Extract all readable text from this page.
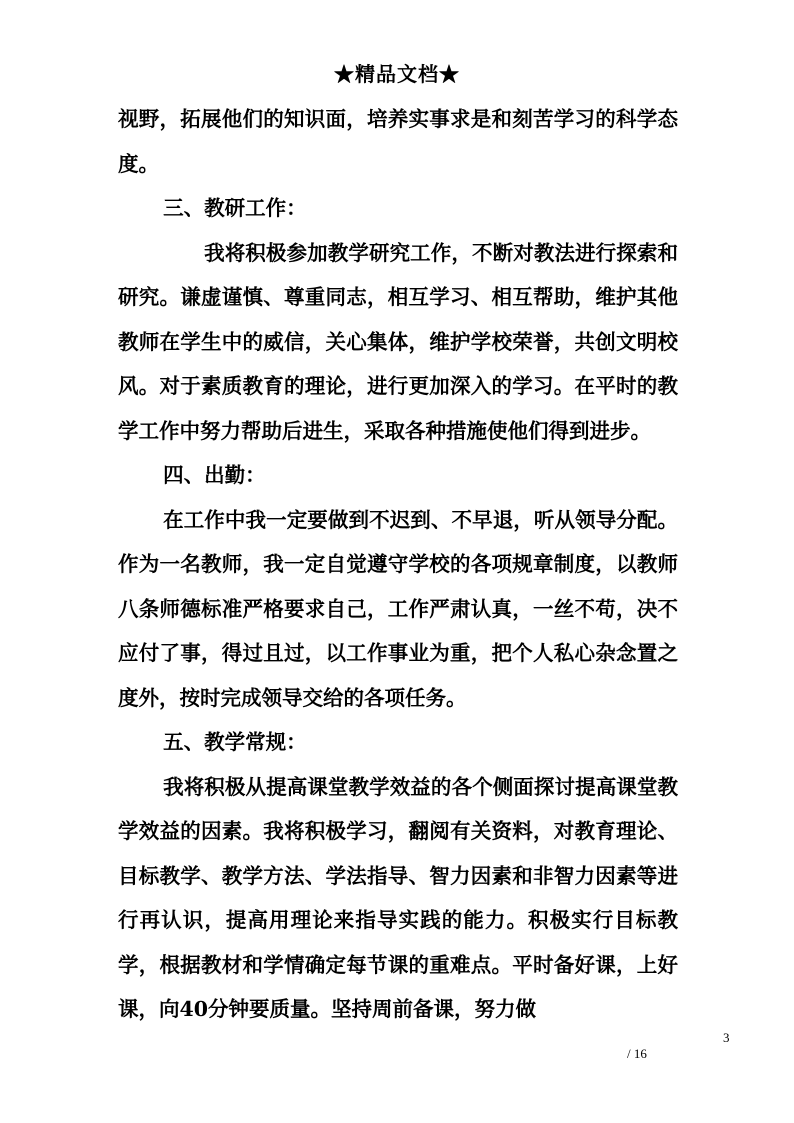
★精品文档★

视野，拓展他们的知识面，培养实事求是和刻苦学习的科学态度。

三、教研工作：

我将积极参加教学研究工作，不断对教法进行探索和研究。谦虚谨慎、尊重同志，相互学习、相互帮助，维护其他教师在学生中的威信，关心集体，维护学校荣誉，共创文明校风。对于素质教育的理论，进行更加深入的学习。在平时的教学工作中努力帮助后进生，采取各种措施使他们得到进步。

四、出勤：

在工作中我一定要做到不迟到、不早退，听从领导分配。作为一名教师，我一定自觉遵守学校的各项规章制度，以教师八条师德标准严格要求自己，工作严肃认真，一丝不苟，决不应付了事，得过且过，以工作事业为重，把个人私心杂念置之度外，按时完成领导交给的各项任务。

五、教学常规：

我将积极从提高课堂教学效益的各个侧面探讨提高课堂教学效益的因素。我将积极学习，翻阅有关资料，对教育理论、目标教学、教学方法、学法指导、智力因素和非智力因素等进行再认识，提高用理论来指导实践的能力。积极实行目标教学，根据教材和学情确定每节课的重难点。平时备好课，上好课，向40分钟要质量。坚持周前备课，努力做

3
/ 16
